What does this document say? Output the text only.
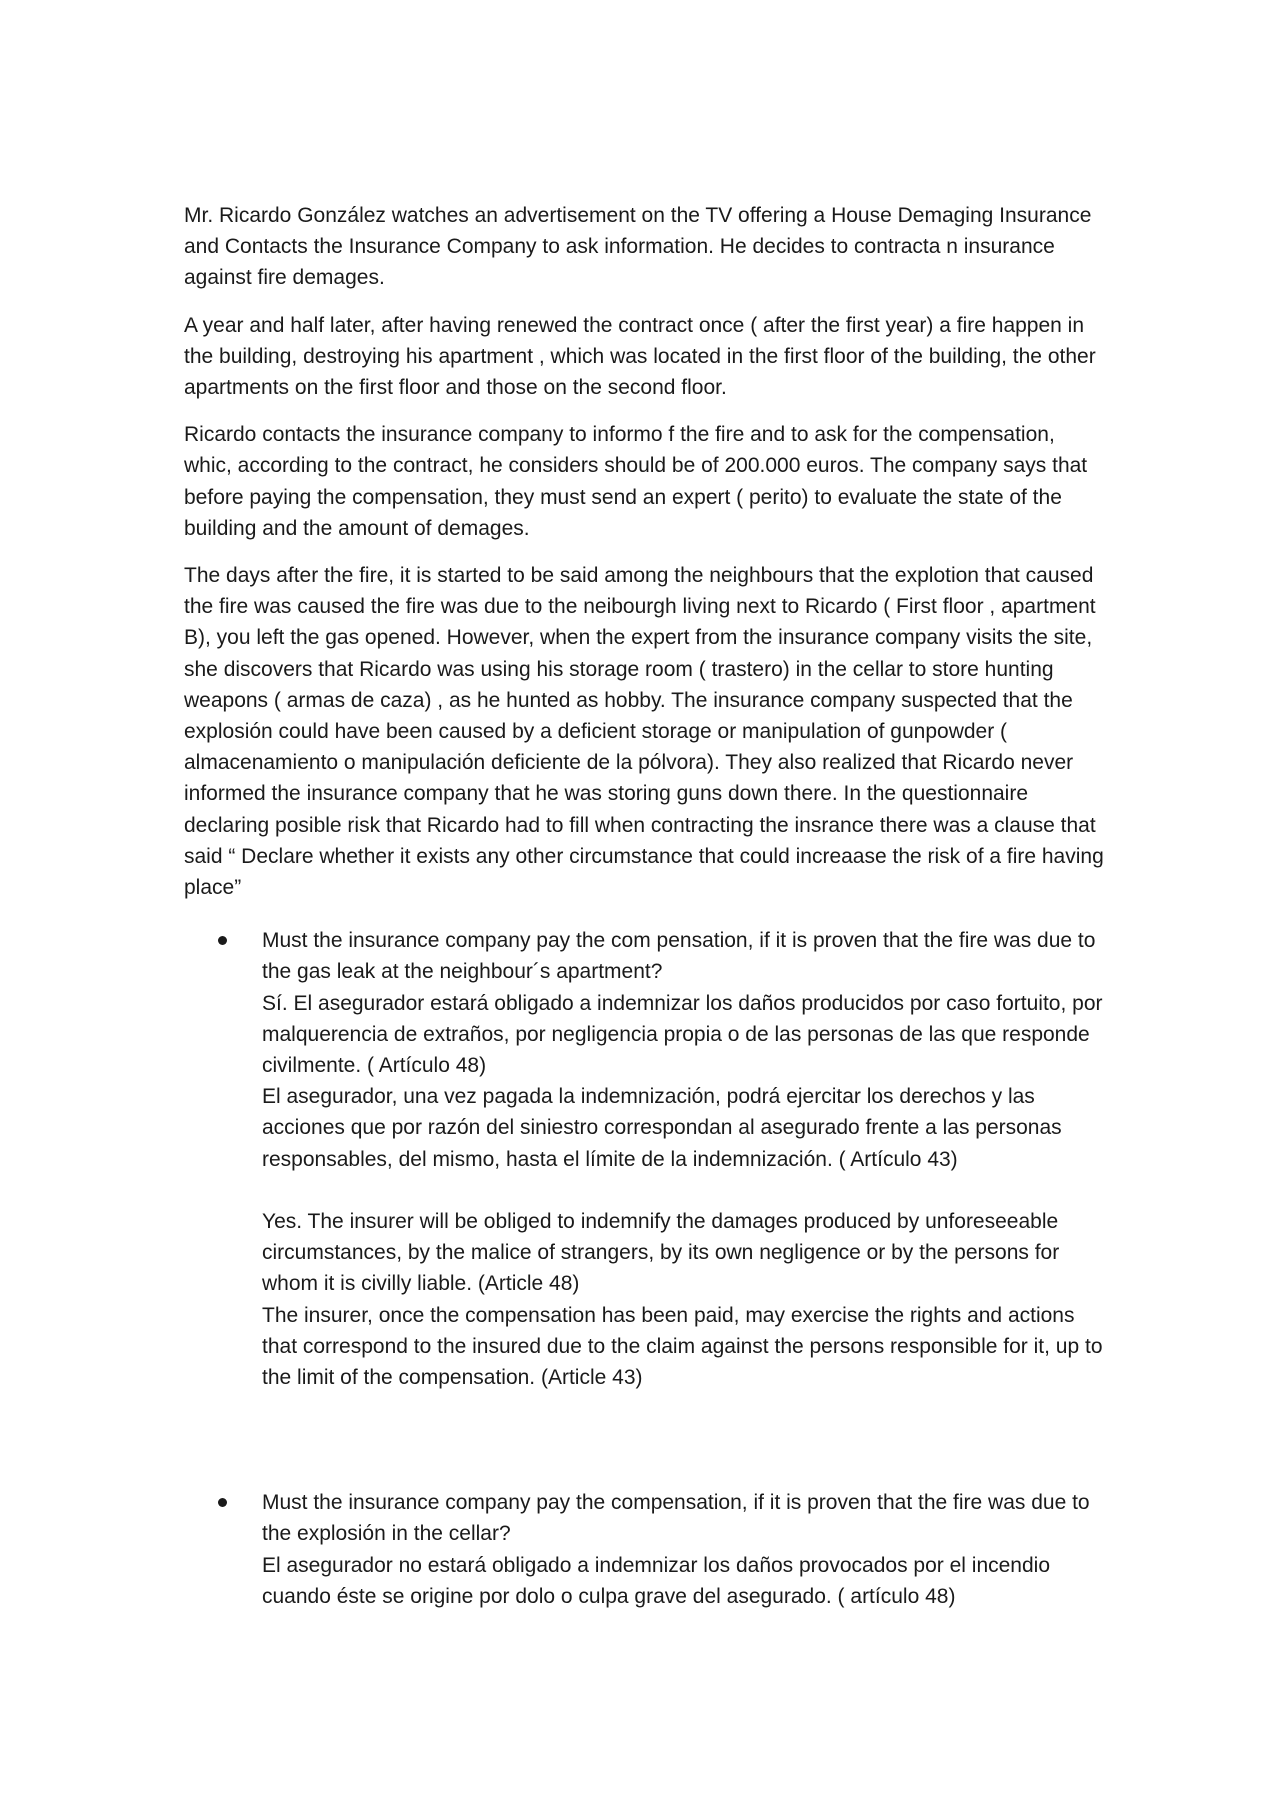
Mr. Ricardo González watches an advertisement on the TV offering a House Demaging Insurance and Contacts the Insurance Company to ask information. He decides to contracta n insurance against fire demages.

A year and half later, after having renewed the contract once ( after the first year) a fire happen in the building, destroying his apartment , which was located in the first floor of the building, the other apartments on the first floor and those on the second floor.

Ricardo contacts the insurance company to informo f the fire and to ask for the compensation, whic, according to the contract, he considers should be of 200.000 euros. The company says that before paying the compensation, they must send an expert ( perito) to evaluate the state of the building and the amount of demages.

The days after the fire, it is started to be said among the neighbours that the explotion that caused the fire was caused the fire was due to the neibourgh living next to Ricardo ( First floor , apartment B), you left the gas opened. However, when the expert from the insurance company visits the site, she discovers that Ricardo was using his storage room ( trastero) in the cellar to store hunting weapons ( armas de caza) , as he hunted as hobby. The insurance company suspected that the explosión could have been caused by a deficient storage or manipulation of gunpowder ( almacenamiento o manipulación deficiente de la pólvora). They also realized that Ricardo never informed the insurance company that he was storing guns down there. In the questionnaire declaring posible risk that Ricardo had to fill when contracting the insrance there was a clause that said “ Declare whether it exists any other circumstance that could increaase the risk of a fire having place”

Must the insurance company pay the com pensation, if it is proven that the fire was due to the gas leak at the neighbour´s apartment?
Sí. El asegurador estará obligado a indemnizar los daños producidos por caso fortuito, por malquerencia de extraños, por negligencia propia o de las personas de las que responde civilmente. ( Artículo 48)
El asegurador, una vez pagada la indemnización, podrá ejercitar los derechos y las acciones que por razón del siniestro correspondan al asegurado frente a las personas responsables, del mismo, hasta el límite de la indemnización. ( Artículo 43)
Yes. The insurer will be obliged to indemnify the damages produced by unforeseeable circumstances, by the malice of strangers, by its own negligence or by the persons for whom it is civilly liable. (Article 48)
The insurer, once the compensation has been paid, may exercise the rights and actions that correspond to the insured due to the claim against the persons responsible for it, up to the limit of the compensation. (Article 43)
Must the insurance company pay the compensation, if it is proven that the fire was due to the explosión in the cellar?
El asegurador no estará obligado a indemnizar los daños provocados por el incendio cuando éste se origine por dolo o culpa grave del asegurado. ( artículo 48)
